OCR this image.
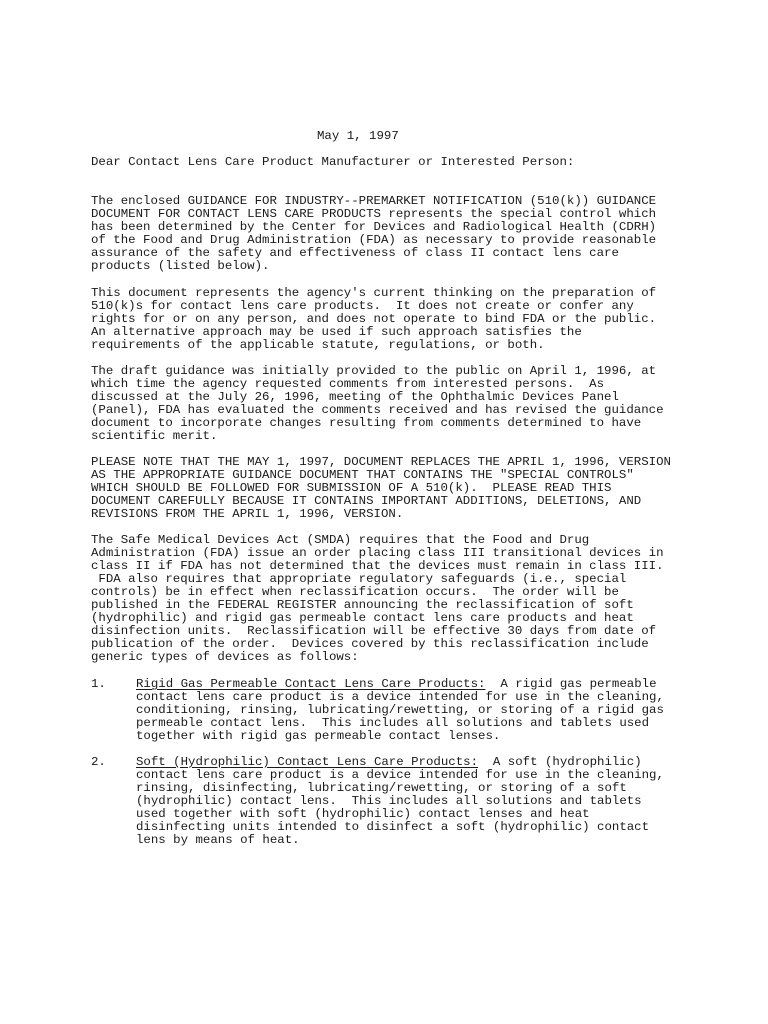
May 1, 1997

Dear Contact Lens Care Product Manufacturer or Interested Person:

The enclosed GUIDANCE FOR INDUSTRY--PREMARKET NOTIFICATION (510(k)) GUIDANCE

DOCUMENT FOR CONTACT LENS CARE PRODUCTS represents the special control which

has been determined by the Center for Devices and Radiological Health (CDRH)

of the Food and Drug Administration (FDA) as necessary to provide reasonable

assurance of the safety and effectiveness of class II contact lens care

products (listed below).

This document represents the agency's current thinking on the preparation of

510(k)s for contact lens care products.  It does not create or confer any

rights for or on any person, and does not operate to bind FDA or the public.

An alternative approach may be used if such approach satisfies the

requirements of the applicable statute, regulations, or both.

The draft guidance was initially provided to the public on April 1, 1996, at

which time the agency requested comments from interested persons.  As

discussed at the July 26, 1996, meeting of the Ophthalmic Devices Panel

(Panel), FDA has evaluated the comments received and has revised the guidance

document to incorporate changes resulting from comments determined to have

scientific merit.

PLEASE NOTE THAT THE MAY 1, 1997, DOCUMENT REPLACES THE APRIL 1, 1996, VERSION

AS THE APPROPRIATE GUIDANCE DOCUMENT THAT CONTAINS THE "SPECIAL CONTROLS"

WHICH SHOULD BE FOLLOWED FOR SUBMISSION OF A 510(k).  PLEASE READ THIS

DOCUMENT CAREFULLY BECAUSE IT CONTAINS IMPORTANT ADDITIONS, DELETIONS, AND

REVISIONS FROM THE APRIL 1, 1996, VERSION.

The Safe Medical Devices Act (SMDA) requires that the Food and Drug

Administration (FDA) issue an order placing class III transitional devices in

class II if FDA has not determined that the devices must remain in class III.

FDA also requires that appropriate regulatory safeguards (i.e., special

controls) be in effect when reclassification occurs.  The order will be

published in the FEDERAL REGISTER announcing the reclassification of soft

(hydrophilic) and rigid gas permeable contact lens care products and heat

disinfection units.  Reclassification will be effective 30 days from date of

publication of the order.  Devices covered by this reclassification include

generic types of devices as follows:

1. Rigid Gas Permeable Contact Lens Care Products:  A rigid gas permeable

contact lens care product is a device intended for use in the cleaning,

conditioning, rinsing, lubricating/rewetting, or storing of a rigid gas

permeable contact lens.  This includes all solutions and tablets used

together with rigid gas permeable contact lenses.

2. Soft (Hydrophilic) Contact Lens Care Products:  A soft (hydrophilic)

contact lens care product is a device intended for use in the cleaning,

rinsing, disinfecting, lubricating/rewetting, or storing of a soft

(hydrophilic) contact lens.  This includes all solutions and tablets

used together with soft (hydrophilic) contact lenses and heat

disinfecting units intended to disinfect a soft (hydrophilic) contact

lens by means of heat.
